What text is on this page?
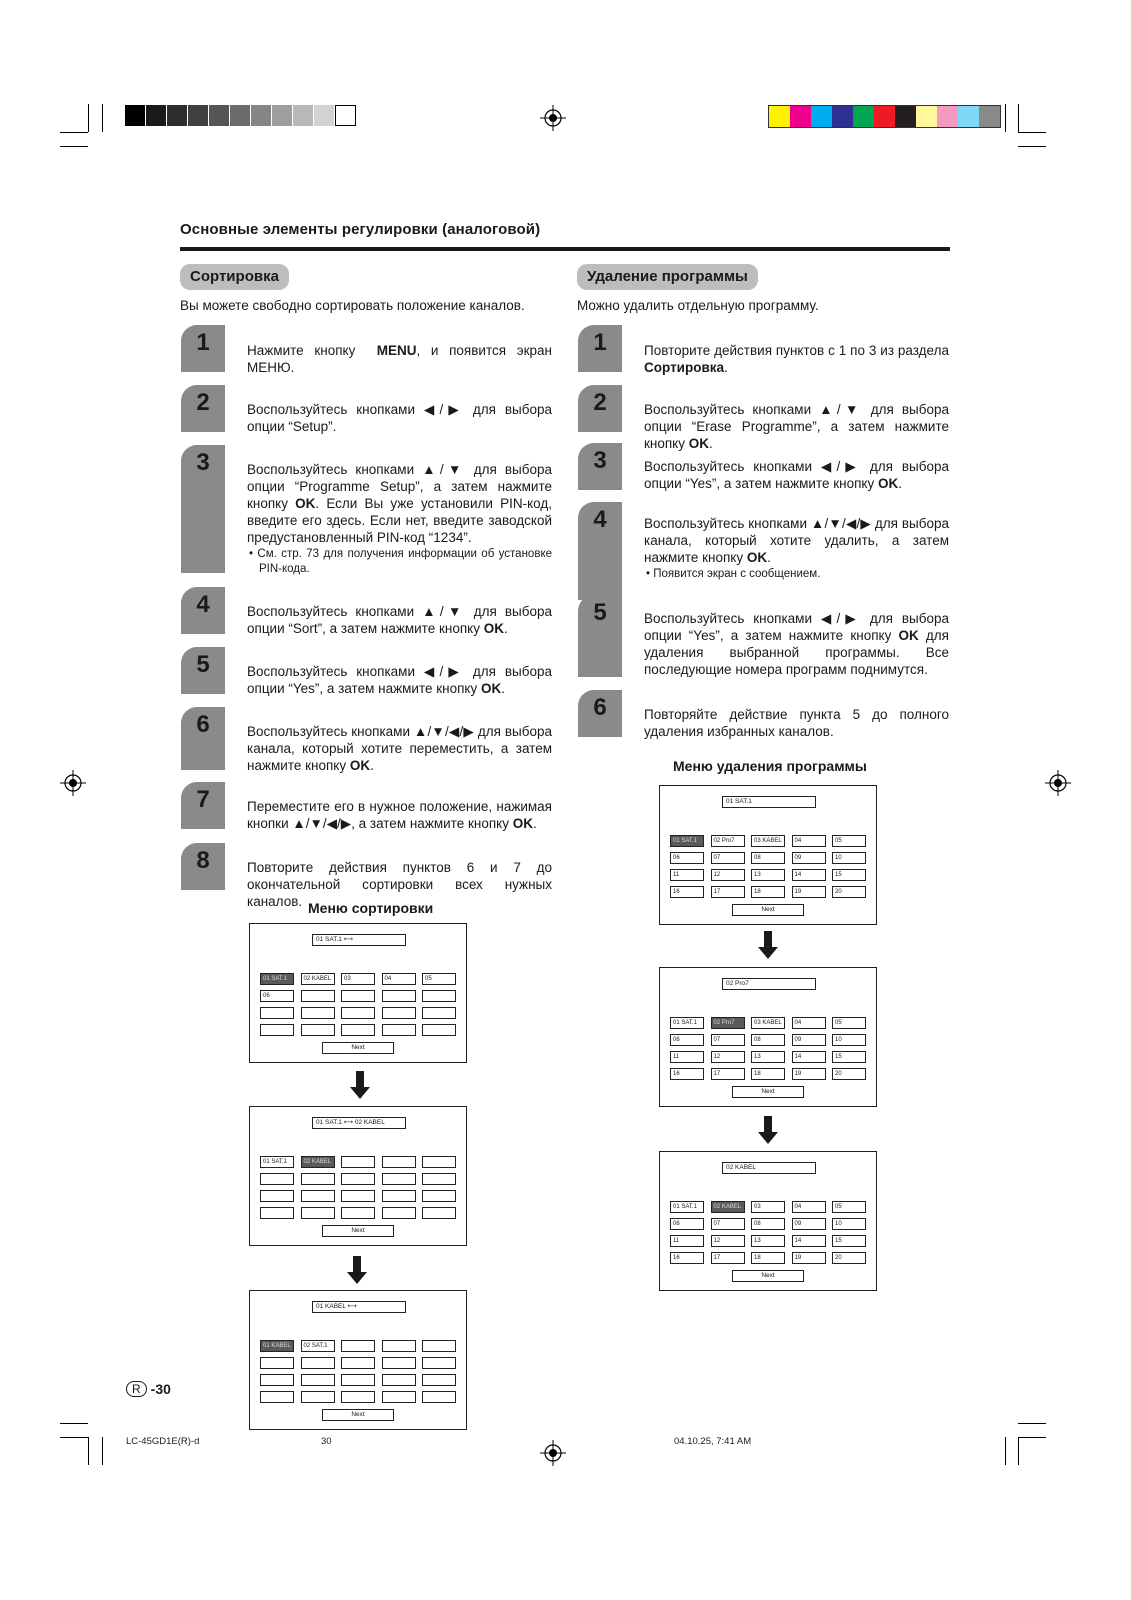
Основные элементы регулировки (аналоговой)
Сортировка
Вы можете свободно сортировать положение каналов.
Удаление программы
Можно удалить отдельную программу.
1	Нажмите кнопку  MENU, и появится экран МЕНЮ.
2	Воспользуйтесь кнопками ◀/▶ для выбора опции “Setup”.
3	Воспользуйтесь кнопками ▲/▼ для выбора опции “Programme Setup”, а затем нажмите кнопку OK. Если Вы уже установили PIN-код, введите его здесь. Если нет, введите заводской предустановленный PIN-код “1234”.
• См. стр. 73 для получения информации об установке PIN-кода.
4	Воспользуйтесь кнопками ▲/▼ для выбора опции “Sort”, а затем нажмите кнопку OK.
5	Воспользуйтесь кнопками ◀/▶ для выбора опции “Yes”, а затем нажмите кнопку OK.
6	Воспользуйтесь кнопками ▲/▼/◀/▶ для выбора канала, который хотите переместить, а затем нажмите кнопку OK.
7	Переместите его в нужное положение, нажимая кнопки ▲/▼/◀/▶, а затем нажмите кнопку OK.
8	Повторите действия пунктов 6 и 7 до окончательной сортировки всех нужных каналов.
1	Повторите действия пунктов с 1 по 3 из раздела Сортировка.
2	Воспользуйтесь кнопками ▲/▼ для выбора опции “Erase Programme”, а затем нажмите кнопку OK.
3	Воспользуйтесь кнопками ◀/▶ для выбора опции “Yes”, а затем нажмите кнопку OK.
4	Воспользуйтесь кнопками ▲/▼/◀/▶ для выбора канала, который хотите удалить, а затем нажмите кнопку OK.
• Появится экран с сообщением.
5	Воспользуйтесь кнопками ◀/▶ для выбора опции “Yes”, а затем нажмите кнопку OK для удаления выбранной программы. Все последующие номера программ поднимутся.
6	Повторяйте действие пункта 5 до полного удаления избранных каналов.
Меню сортировки
Меню удаления программы
01 SAT.1 ⟷
01 SAT.1	02 KABEL	03	04	05
06
Next
01 SAT.1 ⟷ 02 KABEL
01 SAT.1	02 KABEL
Next
01 KABEL ⟷
01 KABEL	02 SAT.1
Next
01 SAT.1
01 SAT.1	02 Pro7	03 KABEL	04	05
06	07	08	09	10
11	12	13	14	15
16	17	18	19	20
Next
02 Pro7
01 SAT.1	02 Pro7	03 KABEL	04	05
06	07	08	09	10
11	12	13	14	15
16	17	18	19	20
Next
02 KABEL
01 SAT.1	02 KABEL	03	04	05
06	07	08	09	10
11	12	13	14	15
16	17	18	19	20
Next
R -30
LC-45GD1E(R)-d	30	04.10.25, 7:41 AM
